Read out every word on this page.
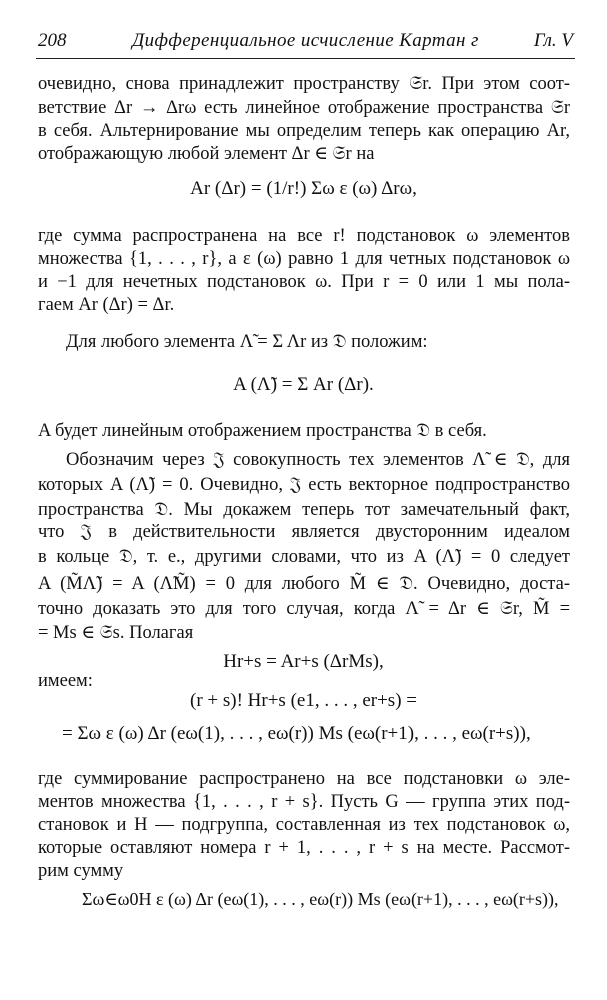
208	Дифференциальное исчисление Картан г	Гл. V
очевидно, снова принадлежит пространству 𝔖r. При этом соот-
ветствие Δr → Δrω есть линейное отображение пространства 𝔖r
в себя. Альтернирование мы определим теперь как операцию Ar,
отображающую любой элемент Δr ∈ 𝔖r на
Ar (Δr) = (1/r!) Σω ε (ω) Δrω,
где сумма распространена на все r! подстановок ω элементов
множества {1, . . . , r}, а ε (ω) равно 1 для четных подстановок ω
и −1 для нечетных подстановок ω. При r = 0 или 1 мы пола-
гаем Ar (Δr) = Δr.
Для любого элемента Λ̃ = Σ Λr из 𝔇 положим:
A (Λ̃) = Σ Ar (Δr).
A будет линейным отображением пространства 𝔇 в себя.
Обозначим через 𝔍 совокупность тех элементов Λ̃ ∈ 𝔇, для
которых A (Λ̃) = 0. Очевидно, 𝔍 есть векторное подпространство
пространства 𝔇. Мы докажем теперь тот замечательный факт,
что 𝔍 в действительности является двусторонним идеалом
в кольце 𝔇, т. е., другими словами, что из A (Λ̃) = 0 следует
A (M̃Λ̃) = A (Λ̃M̃) = 0 для любого M̃ ∈ 𝔇. Очевидно, доста-
точно доказать это для того случая, когда Λ̃ = Δr ∈ 𝔖r, M̃ =
= Ms ∈ 𝔖s. Полагая
Hr+s = Ar+s (ΔrMs),
имеем:
(r + s)! Hr+s (e1, . . . , er+s) =
= Σω ε (ω) Δr (eω(1), . . . , eω(r)) Ms (eω(r+1), . . . , eω(r+s)),
где суммирование распространено на все подстановки ω эле-
ментов множества {1, . . . , r + s}. Пусть G — группа этих под-
становок и H — подгруппа, составленная из тех подстановок ω,
которые оставляют номера r + 1, . . . , r + s на месте. Рассмот-
рим сумму
Σω∈ω0H ε (ω) Δr (eω(1), . . . , eω(r)) Ms (eω(r+1), . . . , eω(r+s)),
